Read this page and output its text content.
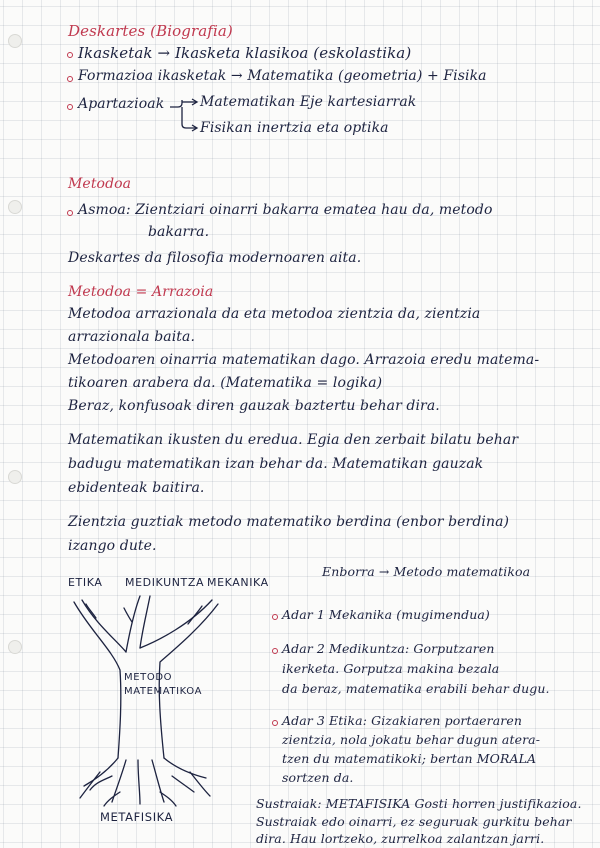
Deskartes (Biografia)
Ikasketak → Ikasketa klasikoa (eskolastika)
Formazioa ikasketak → Matematika (geometria) + Fisika
Apartazioak	Matematikan Eje kartesiarrak
Fisikan inertzia eta optika
Metodoa
Asmoa: Zientziari oinarri bakarra ematea hau da, metodo
bakarra.
Deskartes da filosofia modernoaren aita.
Metodoa = Arrazoia
Metodoa arrazionala da eta metodoa zientzia da, zientzia
arrazionala baita.
Metodoaren oinarria matematikan dago. Arrazoia eredu matema-
tikoaren arabera da. (Matematika = logika)
Beraz, konfusoak diren gauzak baztertu behar dira.
Matematikan ikusten du eredua. Egia den zerbait bilatu behar
badugu matematikan izan behar da. Matematikan gauzak
ebidenteak baitira.
Zientzia guztiak metodo matematiko berdina (enbor berdina)
izango dute.
ETIKA MEDIKUNTZA MEKANIKA
Enborra → Metodo matematikoa
METODO
MATEMATIKOA
METAFISIKA
Adar 1 Mekanika (mugimendua)
Adar 2 Medikuntza: Gorputzaren
ikerketa. Gorputza makina bezala
da beraz, matematika erabili behar dugu.
Adar 3 Etika: Gizakiaren portaeraren
zientzia, nola jokatu behar dugun atera-
tzen du matematikoki; bertan MORALA
sortzen da.
Sustraiak: METAFISIKA Gosti horren justifikazioa.
Sustraiak edo oinarri, ez seguruak gurkitu behar
dira. Hau lortzeko, zurrelkoa zalantzan jarri.
